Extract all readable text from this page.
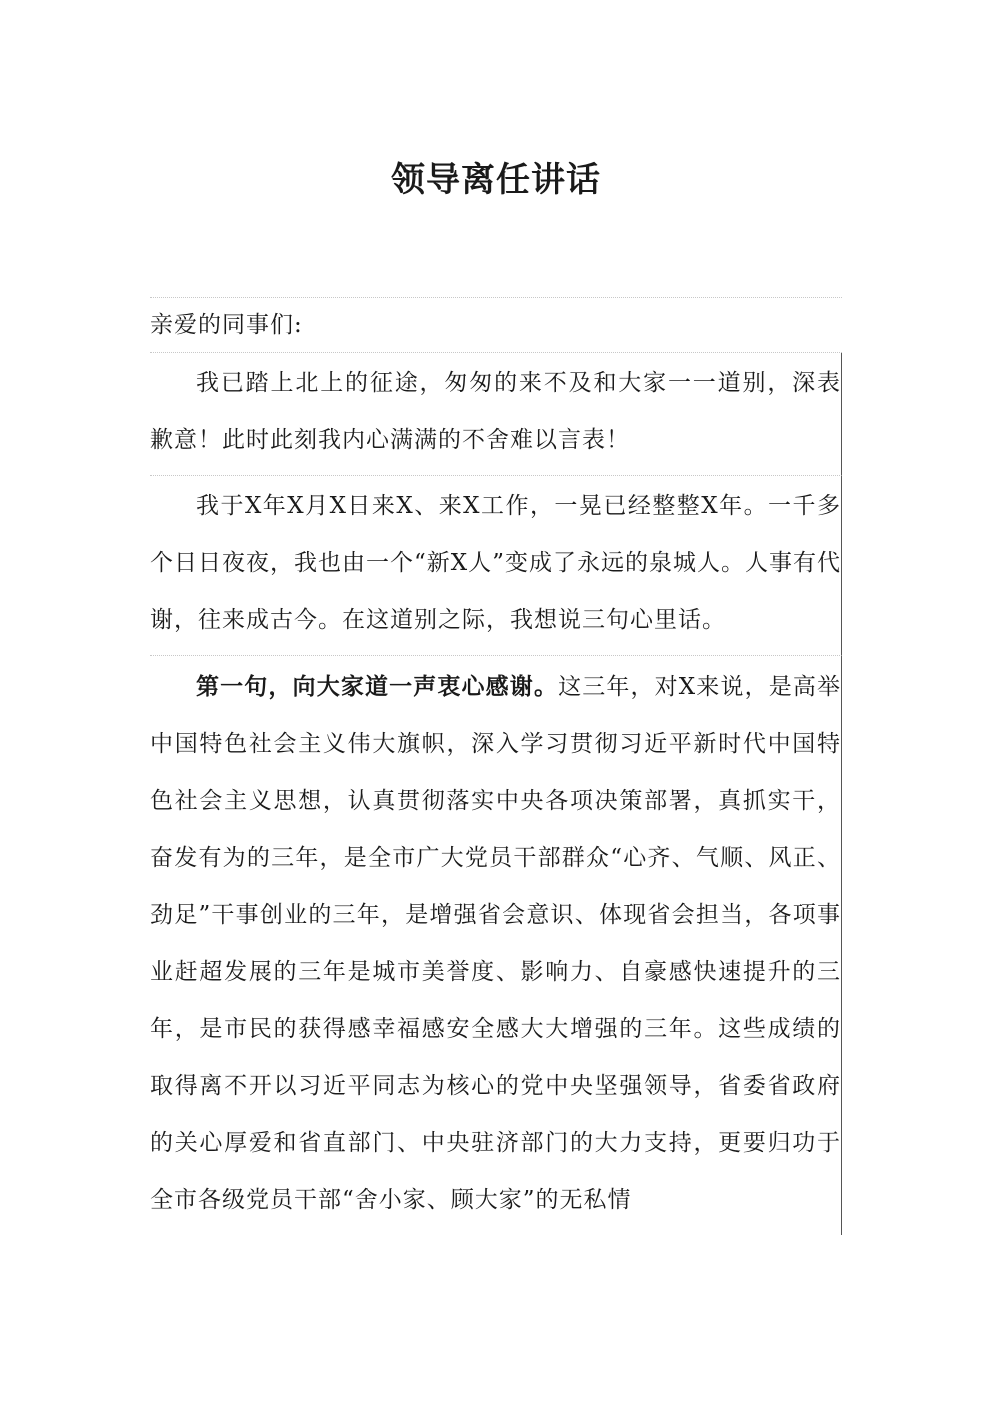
领导离任讲话
亲爱的同事们:
我已踏上北上的征途，匆匆的来不及和大家一一道别，深表歉意！此时此刻我内心满满的不舍难以言表！
我于X年X月X日来X、来X工作，一晃已经整整X年。一千多个日日夜夜，我也由一个“新X人”变成了永远的泉城人。人事有代谢，往来成古今。在这道别之际，我想说三句心里话。
第一句，向大家道一声衷心感谢。这三年，对X来说，是高举中国特色社会主义伟大旗帜，深入学习贯彻习近平新时代中国特色社会主义思想，认真贯彻落实中央各项决策部署，真抓实干，奋发有为的三年，是全市广大党员干部群众“心齐、气顺、风正、劲足”干事创业的三年，是增强省会意识、体现省会担当，各项事业赶超发展的三年是城市美誉度、影响力、自豪感快速提升的三年，是市民的获得感幸福感安全感大大增强的三年。这些成绩的取得离不开以习近平同志为核心的党中央坚强领导，省委省政府的关心厚爱和省直部门、中央驻济部门的大力支持，更要归功于全市各级党员干部“舍小家、顾大家”的无私情
